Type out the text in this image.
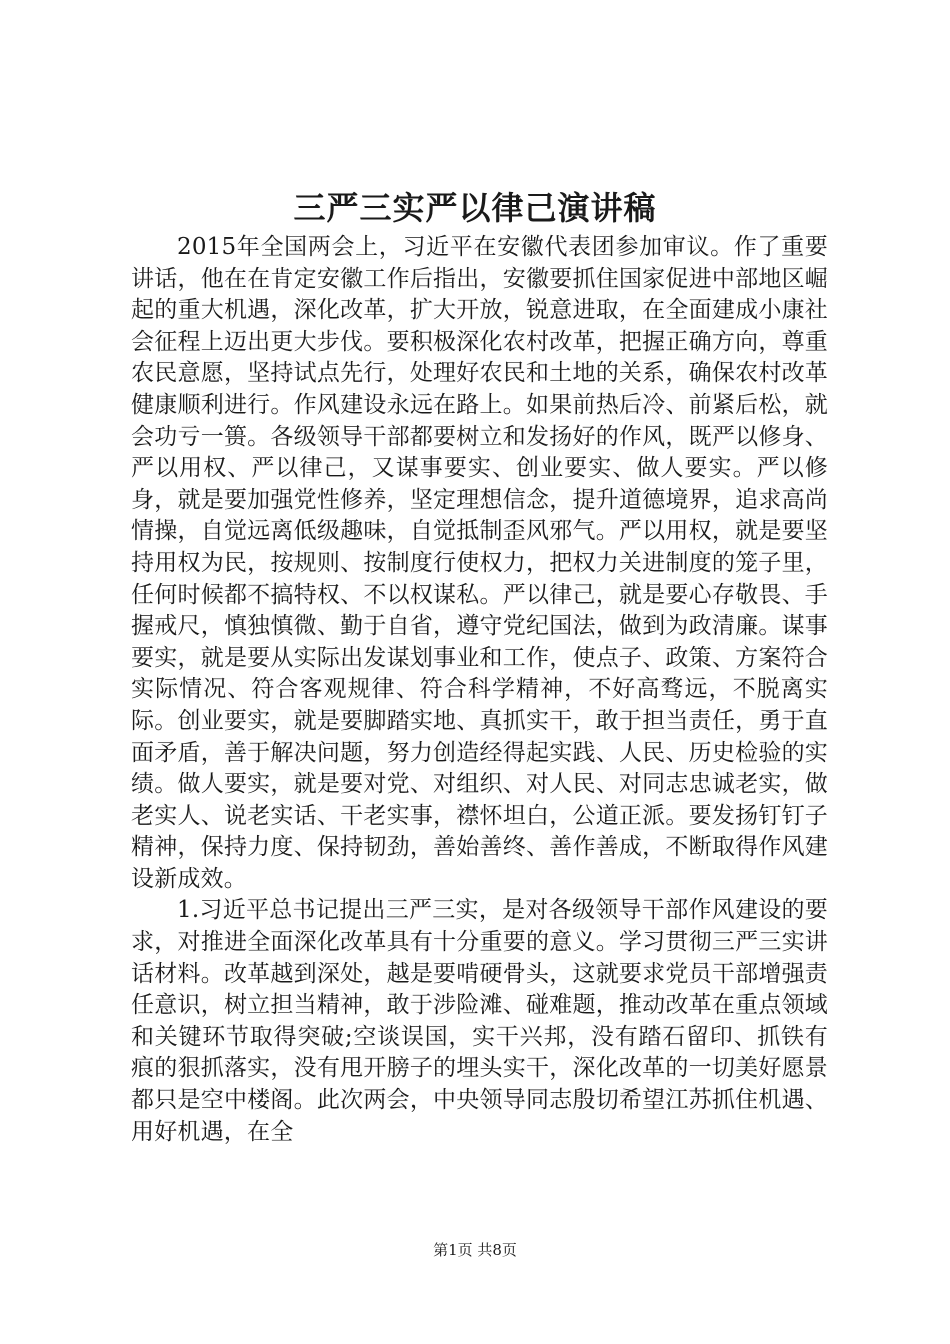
三严三实严以律己演讲稿

2015年全国两会上，习近平在安徽代表团参加审议。作了重要讲话，他在在肯定安徽工作后指出，安徽要抓住国家促进中部地区崛起的重大机遇，深化改革，扩大开放，锐意进取，在全面建成小康社会征程上迈出更大步伐。要积极深化农村改革，把握正确方向，尊重农民意愿，坚持试点先行，处理好农民和土地的关系，确保农村改革健康顺利进行。作风建设永远在路上。如果前热后冷、前紧后松，就会功亏一篑。各级领导干部都要树立和发扬好的作风，既严以修身、严以用权、严以律己，又谋事要实、创业要实、做人要实。严以修身，就是要加强党性修养，坚定理想信念，提升道德境界，追求高尚情操，自觉远离低级趣味，自觉抵制歪风邪气。严以用权，就是要坚持用权为民，按规则、按制度行使权力，把权力关进制度的笼子里，任何时候都不搞特权、不以权谋私。严以律己，就是要心存敬畏、手握戒尺，慎独慎微、勤于自省，遵守党纪国法，做到为政清廉。谋事要实，就是要从实际出发谋划事业和工作，使点子、政策、方案符合实际情况、符合客观规律、符合科学精神，不好高骛远，不脱离实际。创业要实，就是要脚踏实地、真抓实干，敢于担当责任，勇于直面矛盾，善于解决问题，努力创造经得起实践、人民、历史检验的实绩。做人要实，就是要对党、对组织、对人民、对同志忠诚老实，做老实人、说老实话、干老实事，襟怀坦白，公道正派。要发扬钉钉子精神，保持力度、保持韧劲，善始善终、善作善成，不断取得作风建设新成效。

1.习近平总书记提出三严三实，是对各级领导干部作风建设的要求，对推进全面深化改革具有十分重要的意义。学习贯彻三严三实讲话材料。改革越到深处，越是要啃硬骨头，这就要求党员干部增强责任意识，树立担当精神，敢于涉险滩、碰难题，推动改革在重点领域和关键环节取得突破;空谈误国，实干兴邦，没有踏石留印、抓铁有痕的狠抓落实，没有甩开膀子的埋头实干，深化改革的一切美好愿景都只是空中楼阁。此次两会，中央领导同志殷切希望江苏抓住机遇、用好机遇，在全

第1页 共8页
